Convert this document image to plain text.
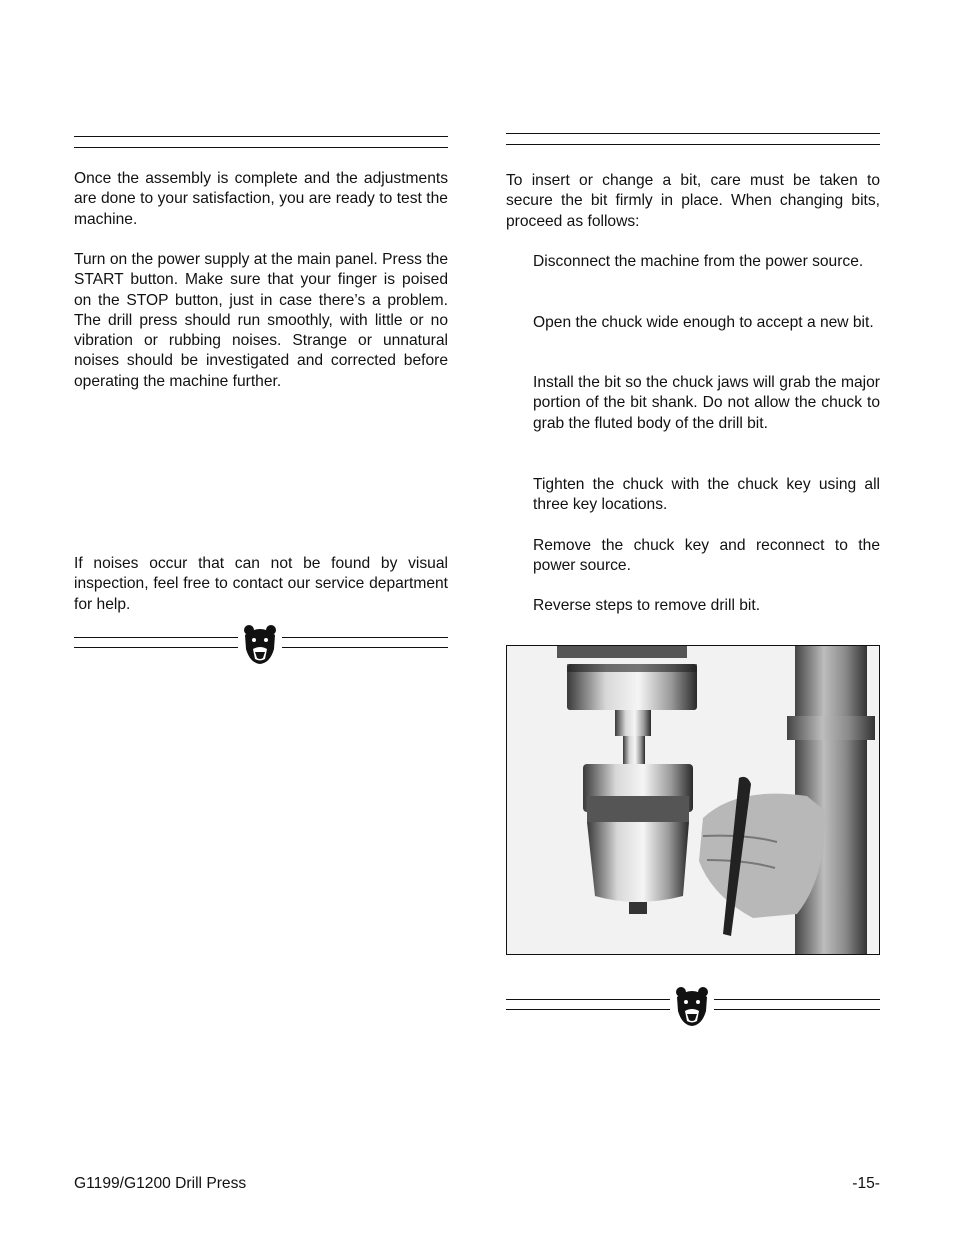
Once the assembly is complete and the adjustments are done to your satisfaction, you are ready to test the machine.

Turn on the power supply at the main panel. Press the START button. Make sure that your finger is poised on the STOP button, just in case there’s a problem. The drill press should run smoothly, with little or no vibration or rubbing noises. Strange or unnatural noises should be investigated and corrected before operating the machine further.

If noises occur that can not be found by visual inspection, feel free to contact our service department for help.

To insert or change a bit, care must be taken to secure the bit firmly in place. When changing bits, proceed as follows:

Disconnect the machine from the power source.

Open the chuck wide enough to accept a new bit.

Install the bit so the chuck jaws will grab the major portion of the bit shank. Do not allow the chuck to grab the fluted body of the drill bit.

Tighten the chuck with the chuck key using all three key locations.

Remove the chuck key and reconnect to the power source.

Reverse steps to remove drill bit.

G1199/G1200 Drill Press	-15-
